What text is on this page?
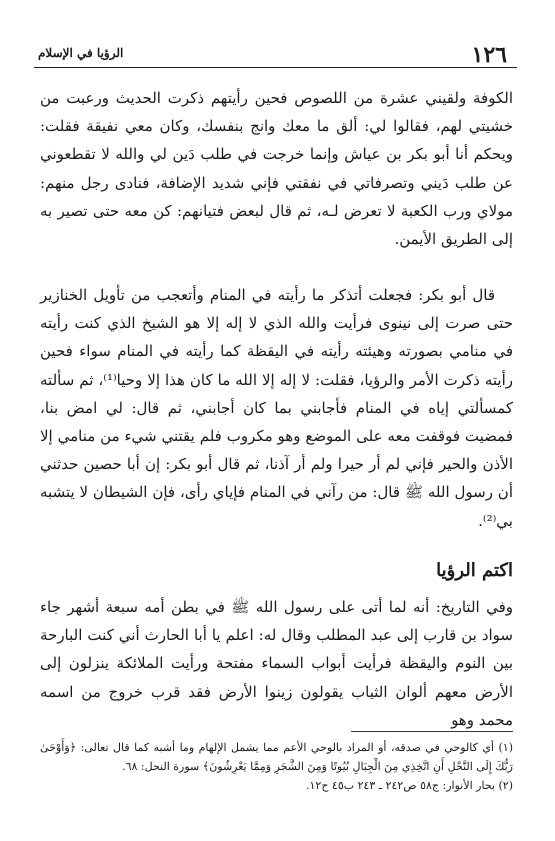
١٢٦
الرؤيا في الإسلام

الكوفة ولقيني عشرة من اللصوص فحين رأيتهم ذكرت الحديث ورعبت من خشيتي لهم، فقالوا لي: ألق ما معك وانج بنفسك، وكان معي نفيقة فقلت: ويحكم أنا أبو بكر بن عياش وإنما خرجت في طلب دَين لي والله لا تقطعوني عن طلب دَيني وتصرفاتي في نفقتي فإني شديد الإضافة، فنادى رجل منهم: مولاي ورب الكعبة لا تعرض لـه، ثم قال لبعض فتيانهم: كن معه حتى تصير به إلى الطريق الأيمن.

قال أبو بكر: فجعلت أتذكر ما رأيته في المنام وأتعجب من تأويل الخنازير حتى صرت إلى نينوى فرأيت والله الذي لا إله إلا هو الشيخ الذي كنت رأيته في منامي بصورته وهيئته رأيته في اليقظة كما رأيته في المنام سواء فحين رأيته ذكرت الأمر والرؤيا، فقلت: لا إله إلا الله ما كان هذا إلا وحيا⁽¹⁾، ثم سألته كمسألتي إياه في المنام فأجابني بما كان أجابني، ثم قال: لي امض بنا، فمضيت فوقفت معه على الموضع وهو مكروب فلم يقتني شيء من منامي إلا الأذن والحير فإني لم أر حيرا ولم أر آذنا، ثم قال أبو بكر: إن أبا حصين حدثني أن رسول الله ﷺ قال: من رآني في المنام فإياي رأى، فإن الشيطان لا يتشبه بي⁽²⁾.

اكتم الرؤيا

وفي التاريخ: أنه لما أتى على رسول الله ﷺ في بطن أمه سبعة أشهر جاء سواد بن قارب إلى عبد المطلب وقال له: اعلم يا أبا الحارث أني كنت البارحة بين النوم واليقظة فرأيت أبواب السماء مفتحة ورأيت الملائكة ينزلون إلى الأرض معهم ألوان الثياب يقولون زينوا الأرض فقد قرب خروج من اسمه محمد وهو

(١) أي كالوحي في صدقه، أو المراد بالوحي الأعم مما يشمل الإلهام وما أشبه كما قال تعالى: ﴿وَأَوْحَىٰ رَبُّكَ إِلَى النَّحْلِ أَنِ اتَّخِذِي مِنَ الْجِبَالِ بُيُوتًا وَمِنَ الشَّجَرِ وَمِمَّا يَعْرِشُونَ﴾ سورة النحل: ٦٨.

(٢) بحار الأنوار: ج٥٨ ص٢٤٢ ـ ٢٤٣ ب٤٥ ح١٢.
